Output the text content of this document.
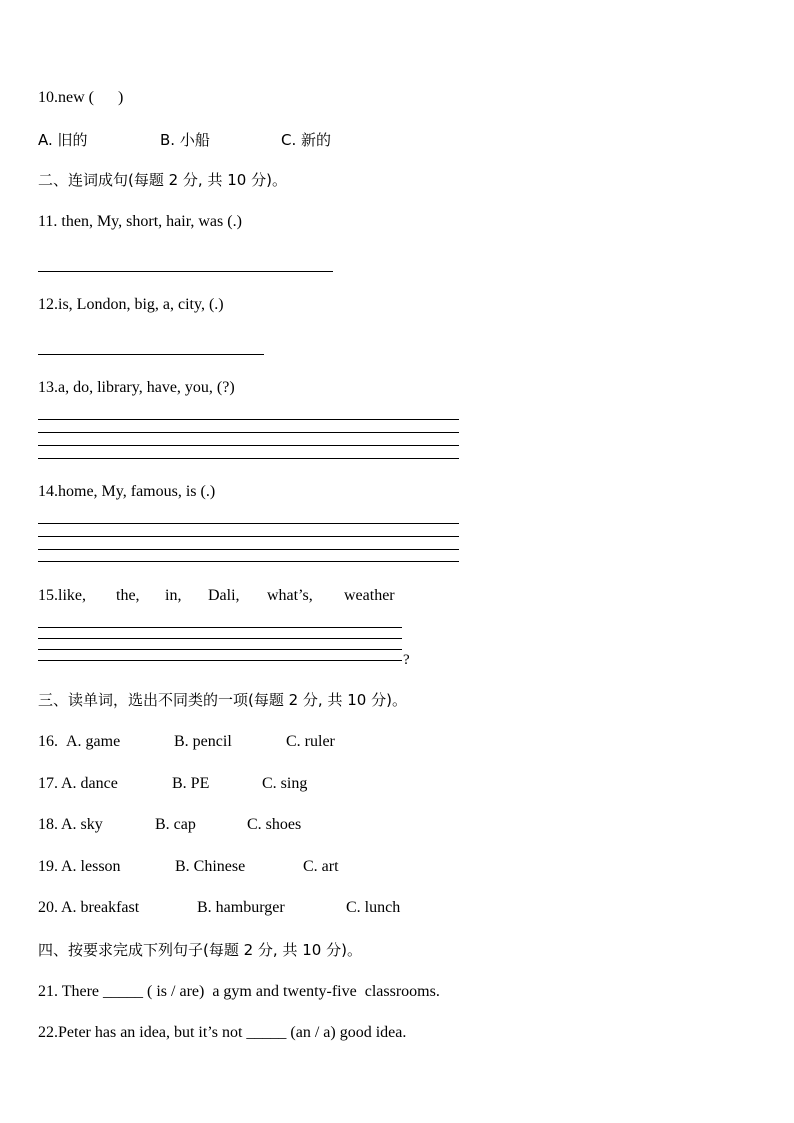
10.new (      )
A. 旧的	B. 小船	C. 新的
二、连词成句(每题 2 分, 共 10 分)。
11. then, My, short, hair, was (.)
12.is, London, big, a, city, (.)
13.a, do, library, have, you, (?)
14.home, My, famous, is (.)
15.like, the, in, Dali, what’s, weather
?
三、读单词，选出不同类的一项(每题 2 分, 共 10 分)。
16. A. game	B. pencil	C. ruler
17. A. dance	B. PE	C. sing
18. A. sky	B. cap	C. shoes
19. A. lesson	B. Chinese	C. art
20. A. breakfast	B. hamburger	C. lunch
四、按要求完成下列句子(每题 2 分, 共 10 分)。
21. There _____ ( is / are)  a gym and twenty-five  classrooms.
22.Peter has an idea, but it’s not _____ (an / a) good idea.
